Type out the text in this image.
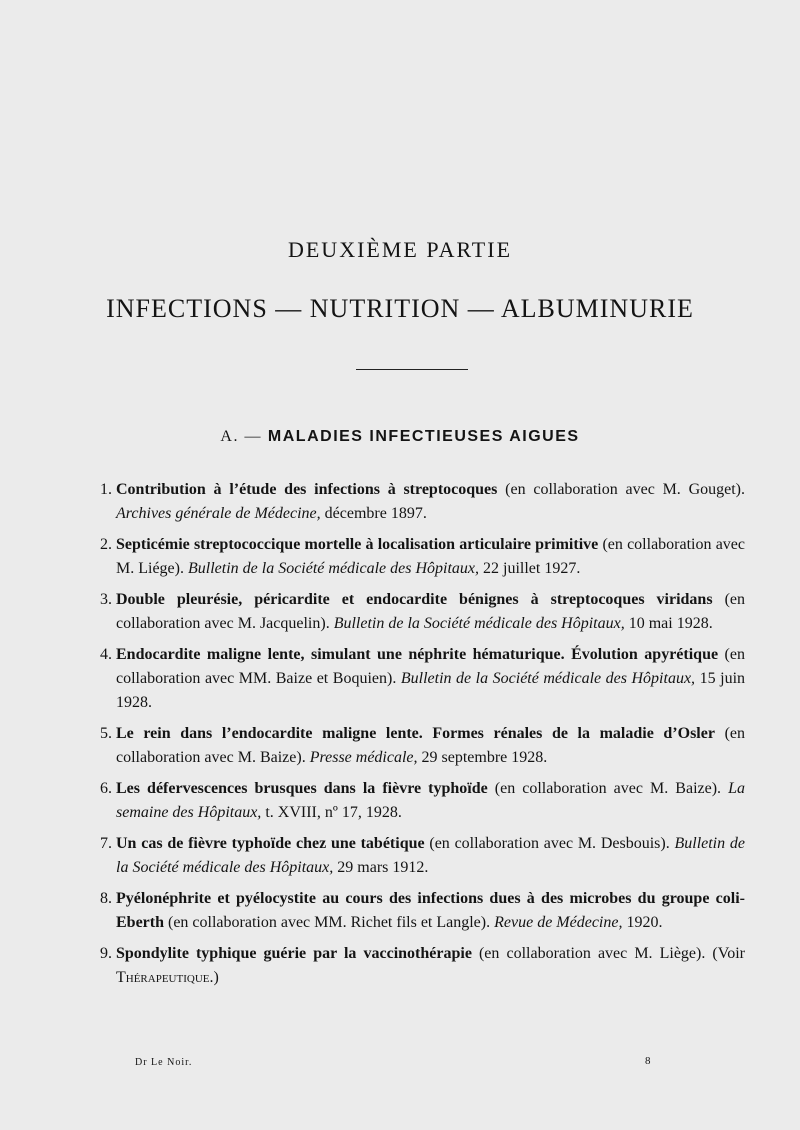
DEUXIÈME PARTIE
INFECTIONS — NUTRITION — ALBUMINURIE
A. — MALADIES INFECTIEUSES AIGUES
1. Contribution à l’étude des infections à streptocoques (en collaboration avec M. Gouget). Archives générale de Médecine, décembre 1897.
2. Septicémie streptococcique mortelle à localisation articulaire primitive (en collaboration avec M. Liége). Bulletin de la Société médicale des Hôpitaux, 22 juillet 1927.
3. Double pleurésie, péricardite et endocardite bénignes à streptocoques viridans (en collaboration avec M. Jacquelin). Bulletin de la Société médicale des Hôpitaux, 10 mai 1928.
4. Endocardite maligne lente, simulant une néphrite hématurique. Évolution apyrétique (en collaboration avec MM. Baize et Boquien). Bulletin de la Société médicale des Hôpitaux, 15 juin 1928.
5. Le rein dans l’endocardite maligne lente. Formes rénales de la maladie d’Osler (en collaboration avec M. Baize). Presse médicale, 29 septembre 1928.
6. Les défervescences brusques dans la fièvre typhoïde (en collaboration avec M. Baize). La semaine des Hôpitaux, t. XVIII, nº 17, 1928.
7. Un cas de fièvre typhoïde chez une tabétique (en collaboration avec M. Desbouis). Bulletin de la Société médicale des Hôpitaux, 29 mars 1912.
8. Pyélonéphrite et pyélocystite au cours des infections dues à des microbes du groupe coli-Eberth (en collaboration avec MM. Richet fils et Langle). Revue de Médecine, 1920.
9. Spondylite typhique guérie par la vaccinothérapie (en collaboration avec M. Liège). (Voir Thérapeutique.)
Dr Le Noir.	8
